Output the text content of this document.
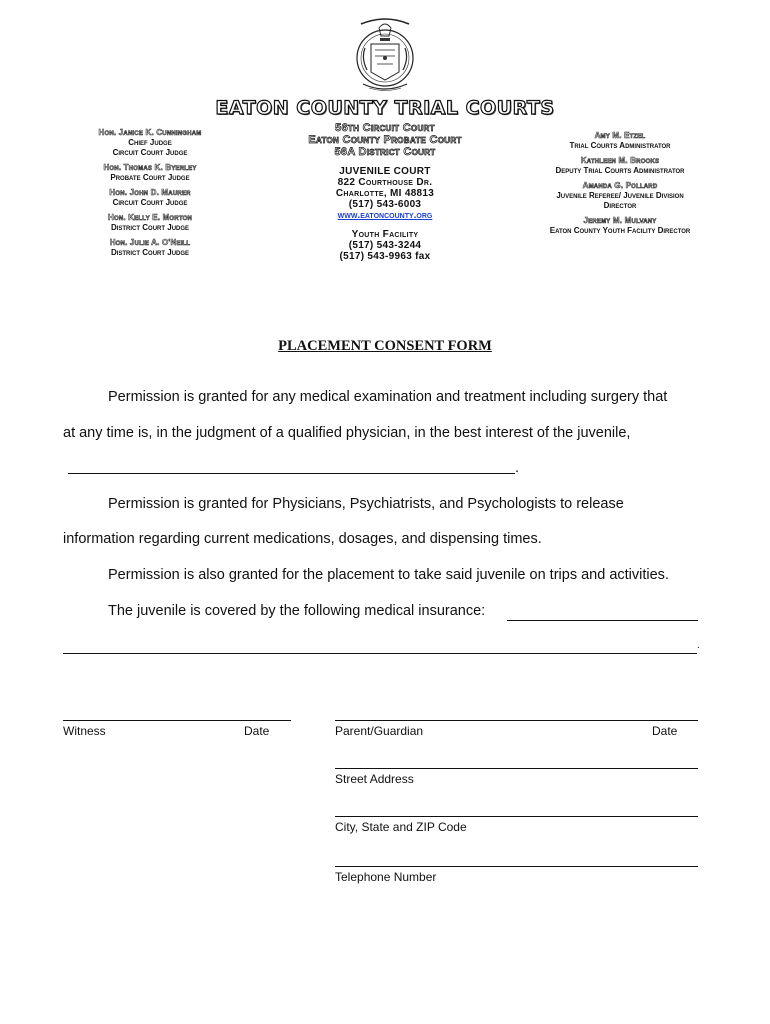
EATON COUNTY TRIAL COURTS
Hon. Janice K. Cunningham
Chief Judge
Circuit Court Judge
Hon. Thomas K. Byerley
Probate Court Judge
Hon. John D. Maurer
Circuit Court Judge
Hon. Kelly E. Morton
District Court Judge
Hon. Julie A. O'Neill
District Court Judge
56th Circuit Court
Eaton County Probate Court
56A District Court
JUVENILE COURT
822 Courthouse Dr.
Charlotte, MI 48813
(517) 543-6003
www.eatoncounty.org
Youth Facility
(517) 543-3244
(517) 543-9963 fax
Amy M. Etzel
Trial Courts Administrator
Kathleen M. Brooks
Deputy Trial Courts Administrator
Amanda G. Pollard
Juvenile Referee/ Juvenile Division Director
Jeremy M. Mulvany
Eaton County Youth Facility Director
PLACEMENT CONSENT FORM
Permission is granted for any medical examination and treatment including surgery that
at any time is, in the judgment of a qualified physician, in the best interest of the juvenile,
.
Permission is granted for Physicians, Psychiatrists, and Psychologists to release
information regarding current medications, dosages, and dispensing times.
Permission is also granted for the placement to take said juvenile on trips and activities.
The juvenile is covered by the following medical insurance:
.
Witness	Date	Parent/Guardian	Date
Street Address
City, State and ZIP Code
Telephone Number
